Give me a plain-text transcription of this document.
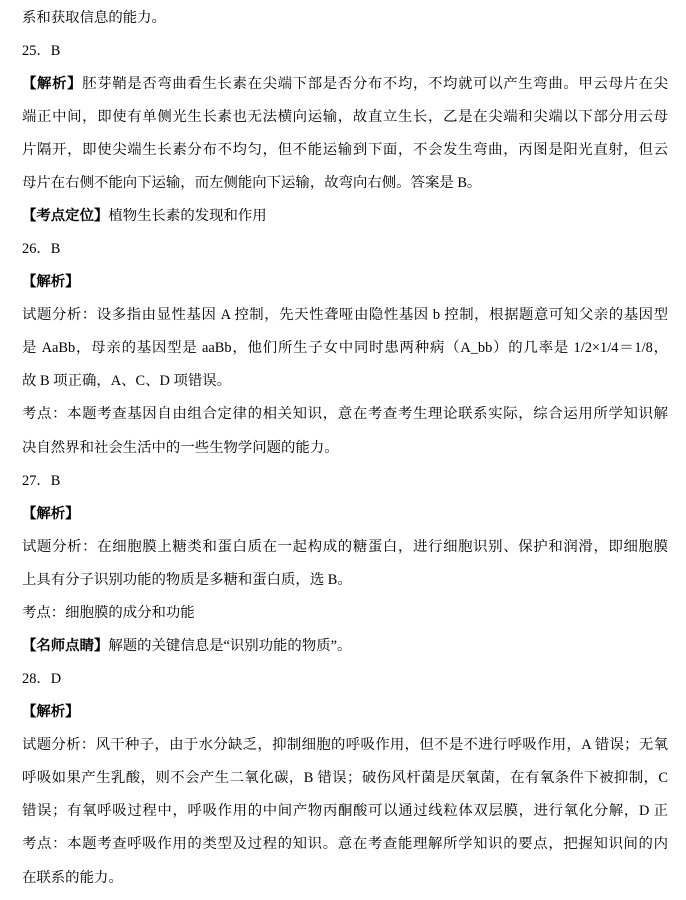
系和获取信息的能力。
25．B
【解析】胚芽鞘是否弯曲看生长素在尖端下部是否分布不均，不均就可以产生弯曲。甲云母片在尖
端正中间，即使有单侧光生长素也无法横向运输，故直立生长，乙是在尖端和尖端以下部分用云母
片隔开，即使尖端生长素分布不均匀，但不能运输到下面，不会发生弯曲，丙图是阳光直射，但云
母片在右侧不能向下运输，而左侧能向下运输，故弯向右侧。答案是 B。
【考点定位】植物生长素的发现和作用
26．B
【解析】
试题分析：设多指由显性基因 A 控制，先天性聋哑由隐性基因 b 控制，根据题意可知父亲的基因型
是 AaBb，母亲的基因型是 aaBb，他们所生子女中同时患两种病（A_bb）的几率是 1/2×1/4＝1/8，
故 B 项正确，A、C、D 项错误。
考点：本题考查基因自由组合定律的相关知识，意在考查考生理论联系实际，综合运用所学知识解
决自然界和社会生活中的一些生物学问题的能力。
27．B
【解析】
试题分析：在细胞膜上糖类和蛋白质在一起构成的糖蛋白，进行细胞识别、保护和润滑，即细胞膜
上具有分子识别功能的物质是多糖和蛋白质，选 B。
考点：细胞膜的成分和功能
【名师点睛】解题的关键信息是“识别功能的物质”。
28．D
【解析】
试题分析：风干种子，由于水分缺乏，抑制细胞的呼吸作用，但不是不进行呼吸作用，A 错误；无氧
呼吸如果产生乳酸，则不会产生二氧化碳，B 错误；破伤风杆菌是厌氧菌，在有氧条件下被抑制，C
错误；有氧呼吸过程中，呼吸作用的中间产物丙酮酸可以通过线粒体双层膜，进行氧化分解，D 正
考点：本题考查呼吸作用的类型及过程的知识。意在考查能理解所学知识的要点，把握知识间的内
在联系的能力。
